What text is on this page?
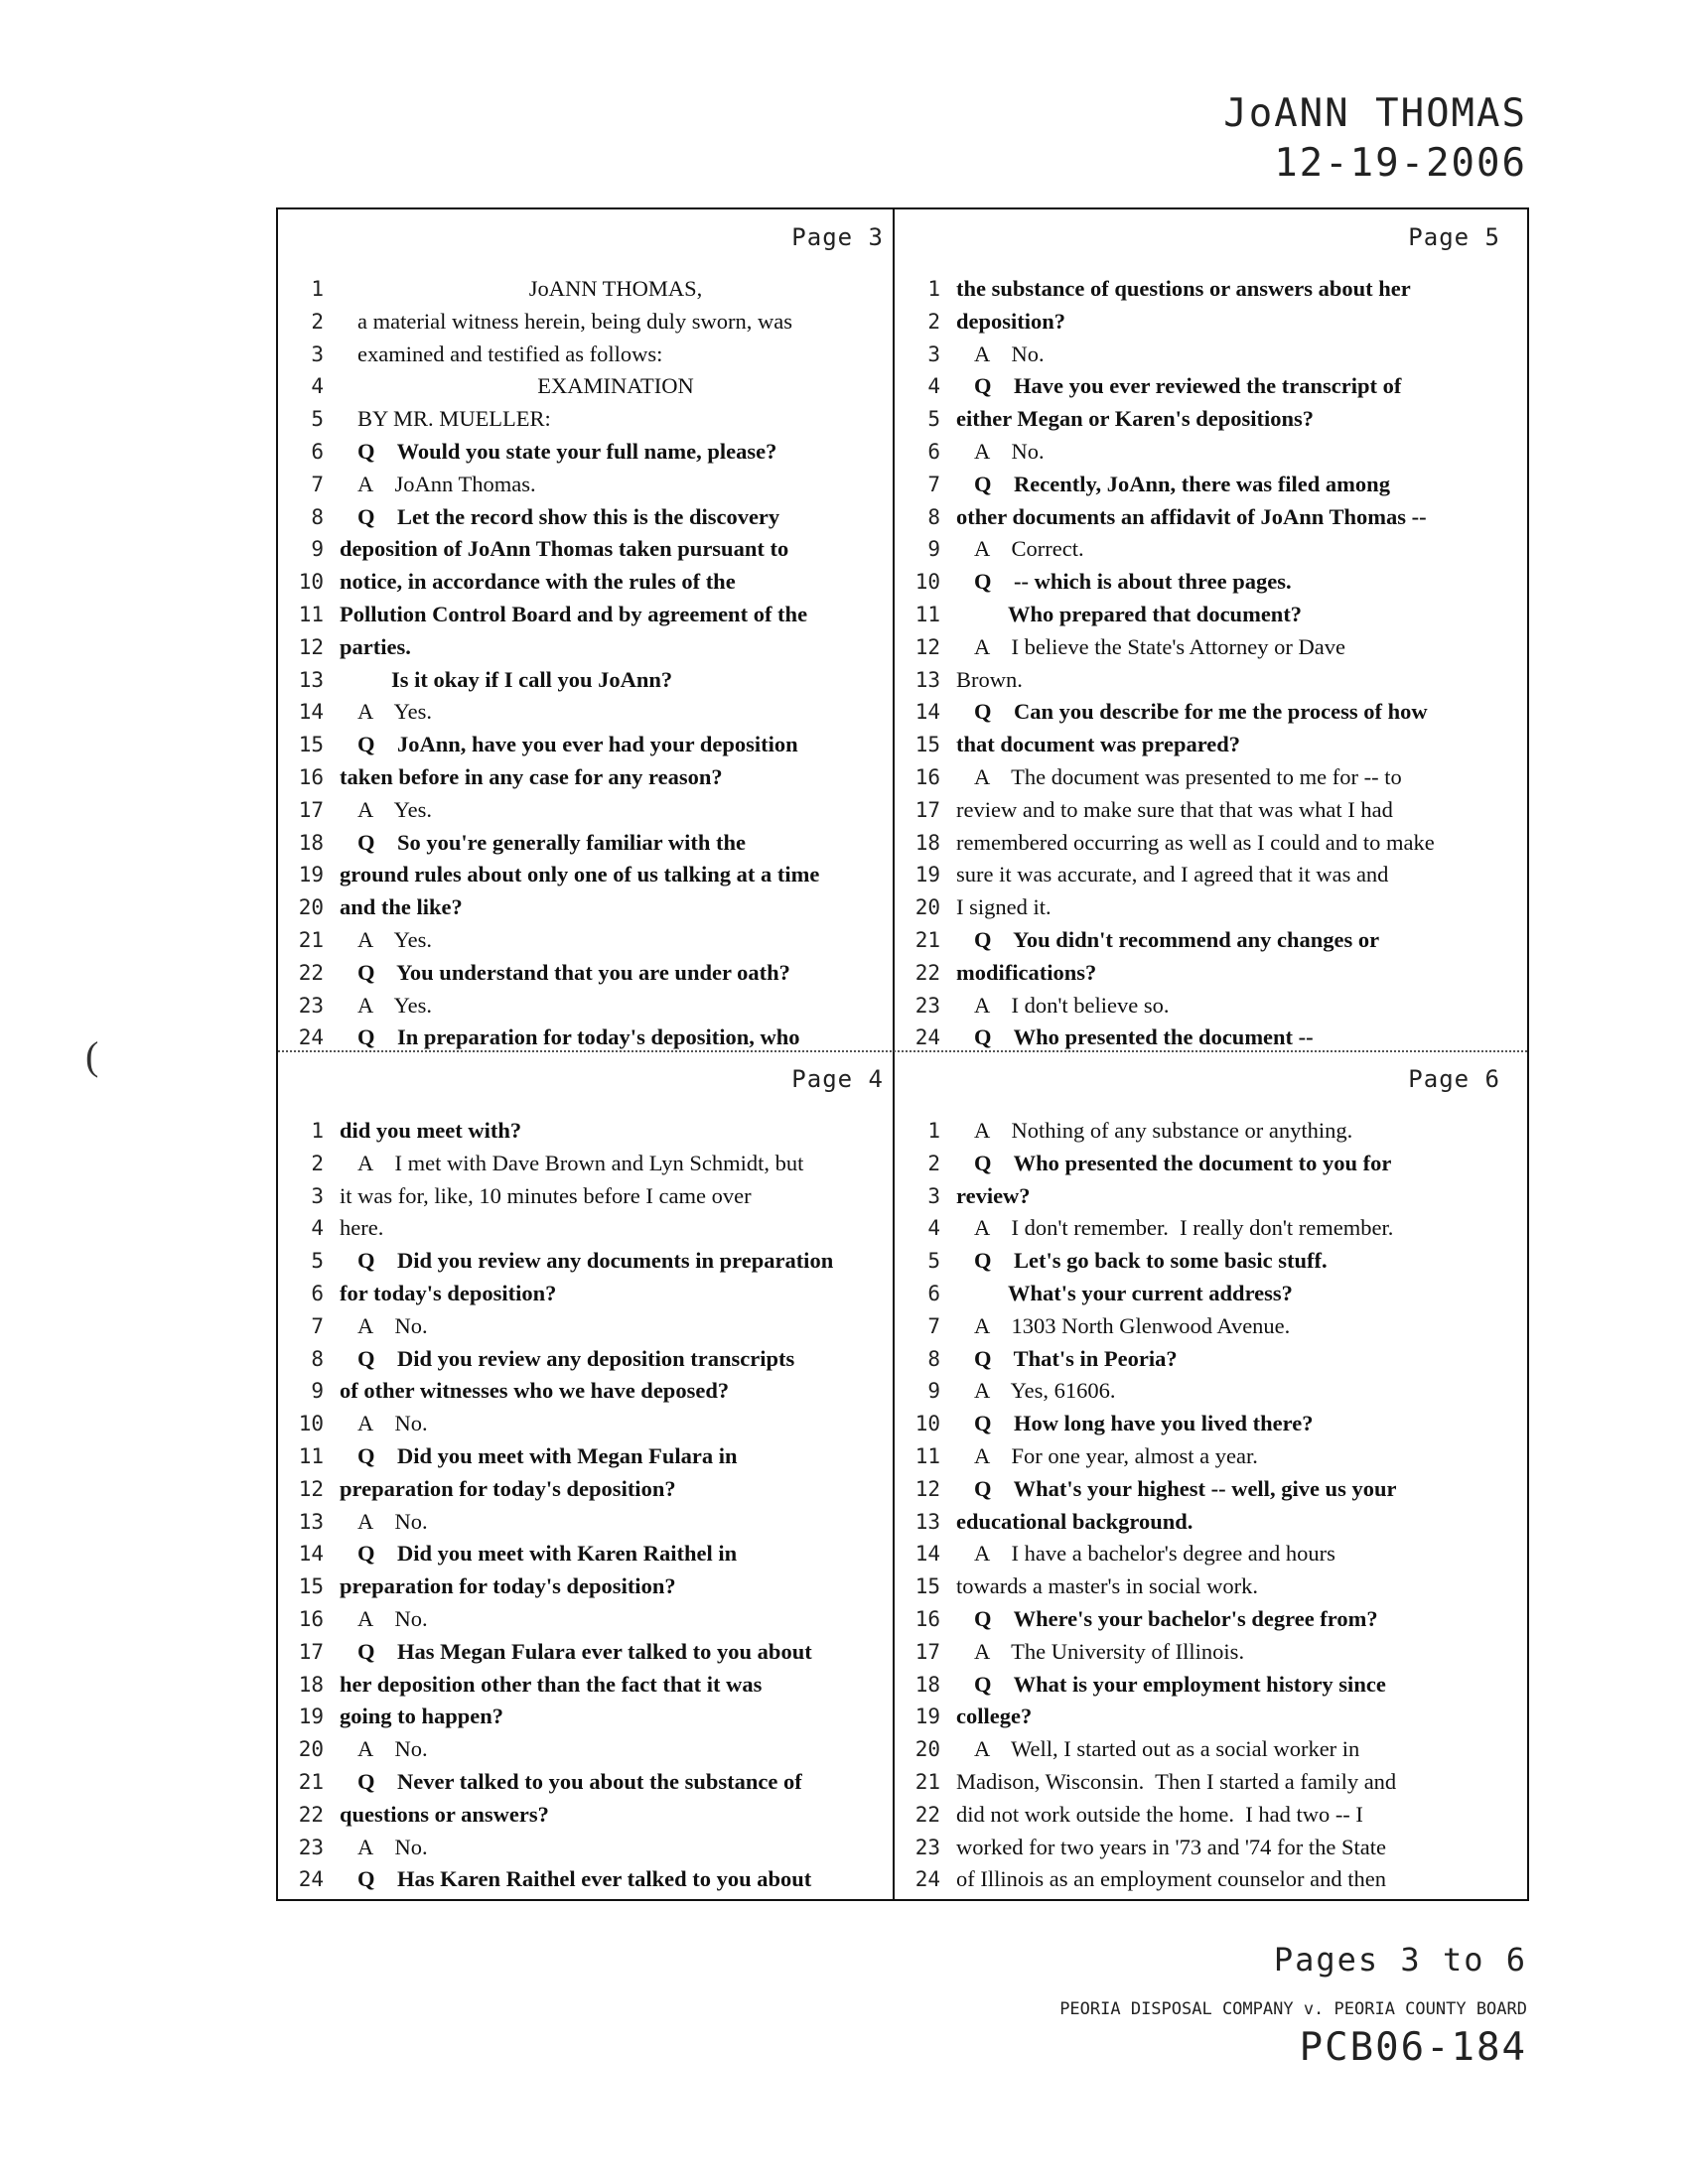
JoANN THOMAS
12-19-2006
(
Page 3
1	JoANN THOMAS,
2	a material witness herein, being duly sworn, was
3	examined and testified as follows:
4	EXAMINATION
5	BY MR. MUELLER:
6	Q    Would you state your full name, please?
7	A    JoAnn Thomas.
8	Q    Let the record show this is the discovery
9 deposition of JoAnn Thomas taken pursuant to
10 notice, in accordance with the rules of the
11 Pollution Control Board and by agreement of the
12 parties.
13	Is it okay if I call you JoAnn?
14	A    Yes.
15	Q    JoAnn, have you ever had your deposition
16 taken before in any case for any reason?
17	A    Yes.
18	Q    So you're generally familiar with the
19 ground rules about only one of us talking at a time
20 and the like?
21	A    Yes.
22	Q    You understand that you are under oath?
23	A    Yes.
24	Q    In preparation for today's deposition, who
Page 5
1 the substance of questions or answers about her
2 deposition?
3	A    No.
4	Q    Have you ever reviewed the transcript of
5 either Megan or Karen's depositions?
6	A    No.
7	Q    Recently, JoAnn, there was filed among
8 other documents an affidavit of JoAnn Thomas --
9	A    Correct.
10	Q    -- which is about three pages.
11	Who prepared that document?
12	A    I believe the State's Attorney or Dave
13 Brown.
14	Q    Can you describe for me the process of how
15 that document was prepared?
16	A    The document was presented to me for -- to
17 review and to make sure that that was what I had
18 remembered occurring as well as I could and to make
19 sure it was accurate, and I agreed that it was and
20 I signed it.
21	Q    You didn't recommend any changes or
22 modifications?
23	A    I don't believe so.
24	Q    Who presented the document --
Page 4
1 did you meet with?
2	A    I met with Dave Brown and Lyn Schmidt, but
3 it was for, like, 10 minutes before I came over
4 here.
5	Q    Did you review any documents in preparation
6 for today's deposition?
7	A    No.
8	Q    Did you review any deposition transcripts
9 of other witnesses who we have deposed?
10	A    No.
11	Q    Did you meet with Megan Fulara in
12 preparation for today's deposition?
13	A    No.
14	Q    Did you meet with Karen Raithel in
15 preparation for today's deposition?
16	A    No.
17	Q    Has Megan Fulara ever talked to you about
18 her deposition other than the fact that it was
19 going to happen?
20	A    No.
21	Q    Never talked to you about the substance of
22 questions or answers?
23	A    No.
24	Q    Has Karen Raithel ever talked to you about
Page 6
1	A    Nothing of any substance or anything.
2	Q    Who presented the document to you for
3 review?
4	A    I don't remember.  I really don't remember.
5	Q    Let's go back to some basic stuff.
6	What's your current address?
7	A    1303 North Glenwood Avenue.
8	Q    That's in Peoria?
9	A    Yes, 61606.
10	Q    How long have you lived there?
11	A    For one year, almost a year.
12	Q    What's your highest -- well, give us your
13 educational background.
14	A    I have a bachelor's degree and hours
15 towards a master's in social work.
16	Q    Where's your bachelor's degree from?
17	A    The University of Illinois.
18	Q    What is your employment history since
19 college?
20	A    Well, I started out as a social worker in
21 Madison, Wisconsin.  Then I started a family and
22 did not work outside the home.  I had two -- I
23 worked for two years in '73 and '74 for the State
24 of Illinois as an employment counselor and then
Pages 3 to 6
PEORIA DISPOSAL COMPANY v. PEORIA COUNTY BOARD
PCB06-184
